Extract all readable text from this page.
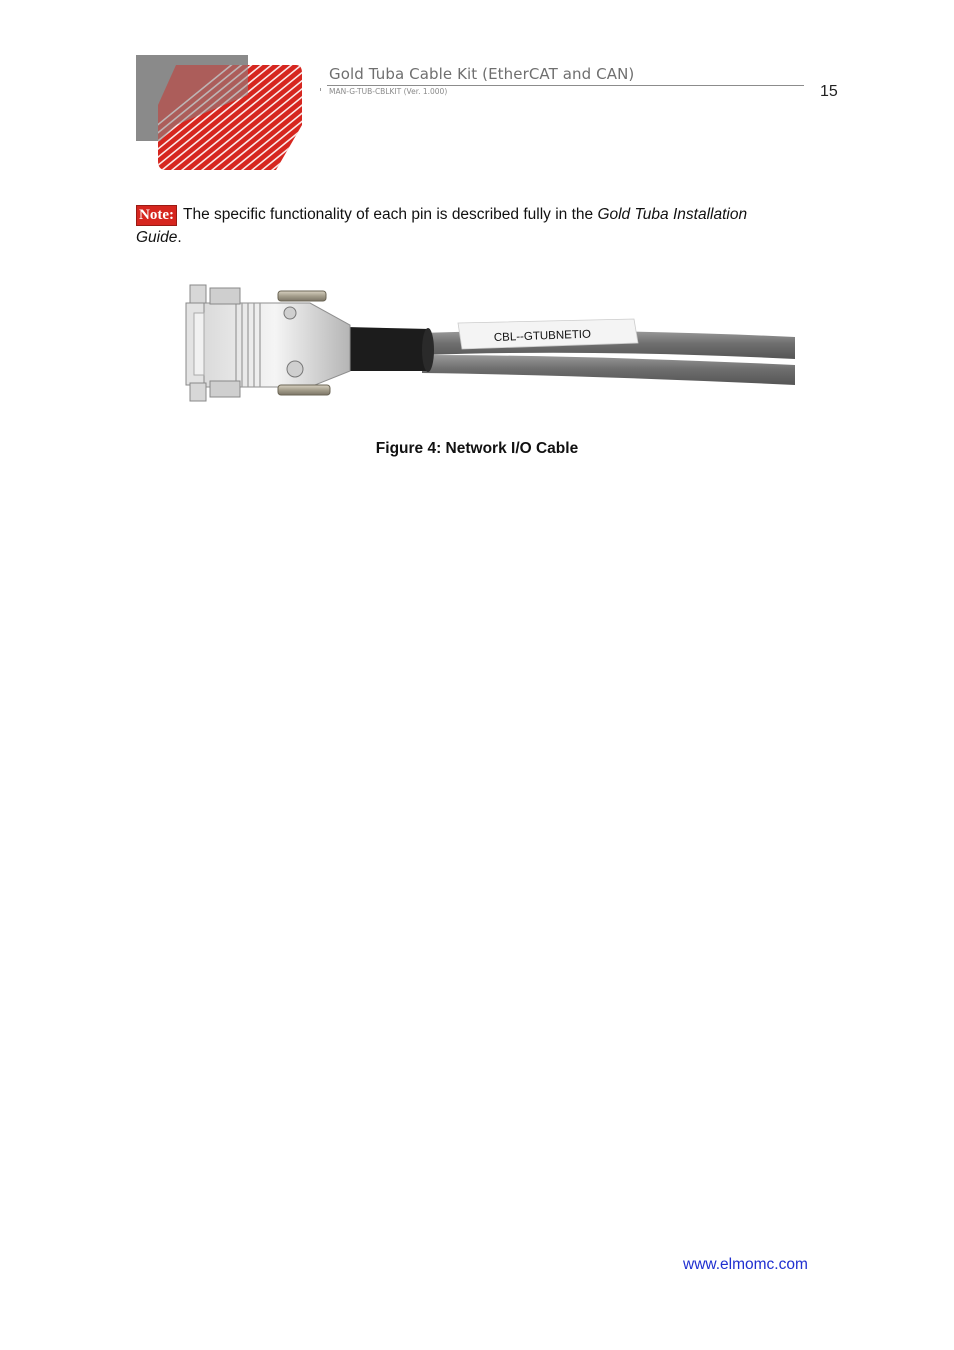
Gold Tuba Cable Kit (EtherCAT and CAN)
MAN-G-TUB-CBLKIT (Ver. 1.000)	15
Note: The specific functionality of each pin is described fully in the Gold Tuba Installation Guide.
CBL--GTUBNETIO
Figure 4: Network I/O Cable
www.elmomc.com
